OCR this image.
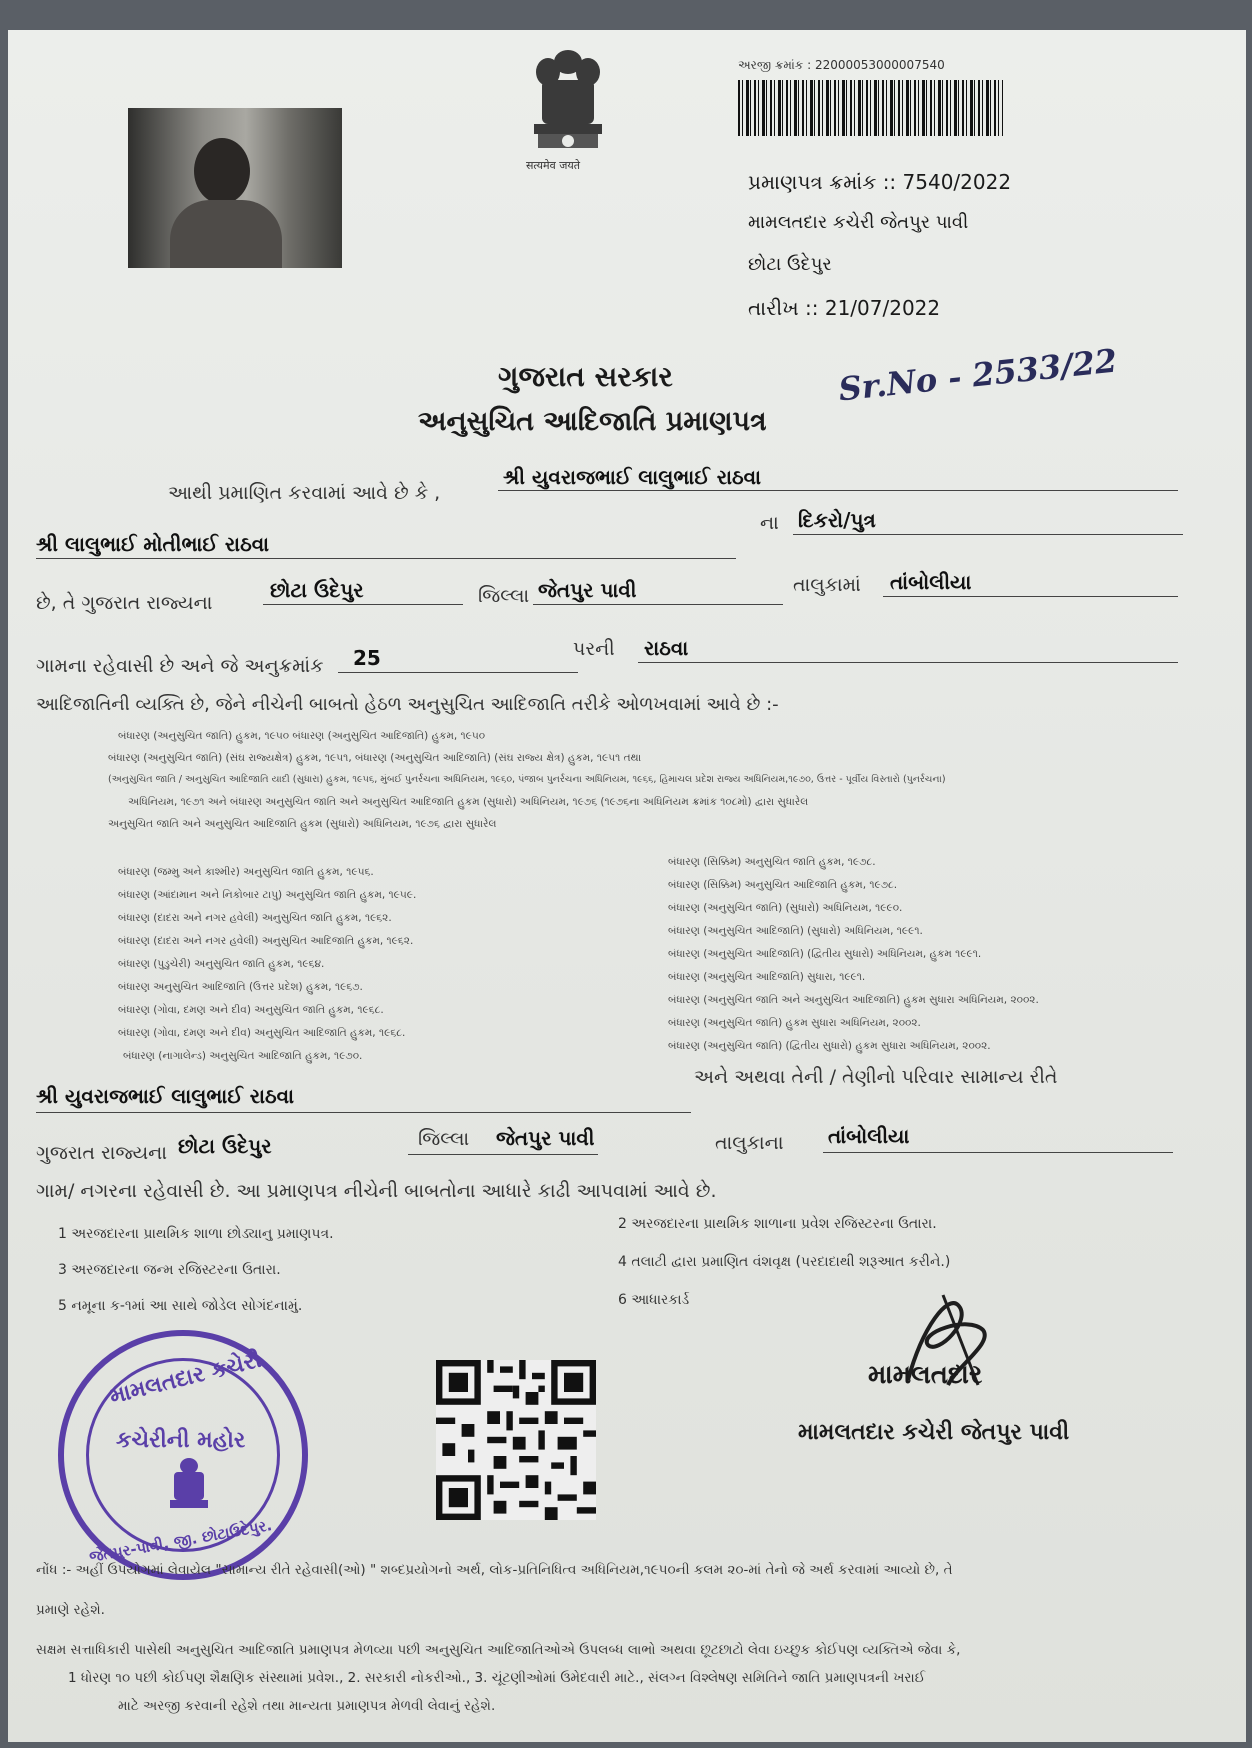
सत्यमेव जयते
અરજી ક્રમાંક : 22000053000007540
પ્રમાણપત્ર ક્રમાંક :: 7540/2022
મામલતદાર કચેરી જેતપુર પાવી
છોટા ઉદેપુર
તારીખ :: 21/07/2022
ગુજરાત સરકાર
અનુસુચિત આદિજાતિ પ્રમાણપત્ર
Sr.No - 2533/22
આથી પ્રમાણિત કરવામાં આવે છે કે ,
શ્રી યુવરાજભાઈ લાલુભાઈ રાઠવા
શ્રી લાલુભાઈ મોતીભાઈ રાઠવા
ના દિકરો/પુત્ર
છે, તે ગુજરાત રાજ્યના
છોટા ઉદેપુર	જિલ્લા જેતપુર પાવી	તાલુકામાં તાંબોલીયા
ગામના રહેવાસી છે અને જે અનુક્રમાંક 25	પરની રાઠવા
આદિજાતિની વ્યક્તિ છે, જેને નીચેની બાબતો હેઠળ અનુસુચિત આદિજાતિ તરીકે ઓળખવામાં આવે છે :-
બંધારણ (અનુસુચિત જાતિ) હુકમ, ૧૯૫૦ બંધારણ (અનુસુચિત આદિજાતિ) હુકમ, ૧૯૫૦
બંધારણ (અનુસુચિત જાતિ) (સંઘ રાજ્યક્ષેત્ર) હુકમ, ૧૯૫૧, બંધારણ (અનુસુચિત આદિજાતિ) (સંઘ રાજ્ય ક્ષેત્ર) હુકમ, ૧૯૫૧ તથા
(અનુસુચિત જાતિ / અનુસુચિત આદિજાતિ યાદી (સુધારા) હુકમ, ૧૯૫૬, મુંબઈ પુનર્રચના અધિનિયમ, ૧૯૬૦, પંજાબ પુનર્રચના અધિનિયમ, ૧૯૬૬, હિમાચલ પ્રદેશ રાજ્ય અધિનિયમ,૧૯૭૦, ઉત્તર - પૂર્વીય વિસ્તારો (પુનર્રચના)
અધિનિયમ, ૧૯૭૧ અને બંધારણ અનુસુચિત જાતિ અને અનુસુચિત આદિજાતિ હુકમ (સુધારો) અધિનિયમ, ૧૯૭૬ (૧૯૭૬ના અધિનિયમ ક્રમાંક ૧૦૮મો) દ્વારા સુધારેલ
અનુસુચિત જાતિ અને અનુસુચિત આદિજાતિ હુકમ (સુધારો) અધિનિયમ, ૧૯૭૬ દ્વારા સુધારેલ
બંધારણ (જમ્મુ અને કાશ્મીર) અનુસુચિત જાતિ હુકમ, ૧૯૫૬.
બંધારણ (આંદામાન અને નિકોબાર ટાપુ) અનુસુચિત જાતિ હુકમ, ૧૯૫૯.
બંધારણ (દાદરા અને નગર હવેલી) અનુસુચિત જાતિ હુકમ, ૧૯૬૨.
બંધારણ (દાદરા અને નગર હવેલી) અનુસુચિત આદિજાતિ હુકમ, ૧૯૬૨.
બંધારણ (પુડુચેરી) અનુસુચિત જાતિ હુકમ, ૧૯૬૪.
બંધારણ અનુસુચિત આદિજાતિ (ઉત્તર પ્રદેશ) હુકમ, ૧૯૬૭.
બંધારણ (ગોવા, દમણ અને દીવ) અનુસુચિત જાતિ હુકમ, ૧૯૬૮.
બંધારણ (ગોવા, દમણ અને દીવ) અનુસુચિત આદિજાતિ હુકમ, ૧૯૬૮.
બંધારણ (નાગાલેન્ડ) અનુસુચિત આદિજાતિ હુકમ, ૧૯૭૦.
બંધારણ (સિક્કિમ) અનુસુચિત જાતિ હુકમ, ૧૯૭૮.
બંધારણ (સિક્કિમ) અનુસુચિત આદિજાતિ હુકમ, ૧૯૭૮.
બંધારણ (અનુસુચિત જાતિ) (સુધારો) અધિનિયમ, ૧૯૯૦.
બંધારણ (અનુસુચિત આદિજાતિ) (સુધારો) અધિનિયમ, ૧૯૯૧.
બંધારણ (અનુસુચિત આદિજાતિ) (દ્વિતીય સુધારો) અધિનિયમ, હુકમ ૧૯૯૧.
બંધારણ (અનુસુચિત આદિજાતિ) સુધારા, ૧૯૯૧.
બંધારણ (અનુસુચિત જાતિ અને અનુસુચિત આદિજાતિ) હુકમ સુધારા અધિનિયમ, ૨૦૦૨.
બંધારણ (અનુસુચિત જાતિ) હુકમ સુધારા અધિનિયમ, ૨૦૦૨.
બંધારણ (અનુસુચિત જાતિ) (દ્વિતીય સુધારો) હુકમ સુધારા અધિનિયમ, ૨૦૦૨.
અને અથવા તેની / તેણીનો પરિવાર સામાન્ય રીતે
શ્રી યુવરાજભાઈ લાલુભાઈ રાઠવા
ગુજરાત રાજ્યના છોટા ઉદેપુર	જિલ્લા જેતપુર પાવી	તાલુકાના તાંબોલીયા
ગામ/ નગરના રહેવાસી છે. આ પ્રમાણપત્ર નીચેની બાબતોના આધારે કાઢી આપવામાં આવે છે.
1 અરજદારના પ્રાથમિક શાળા છોડ્યાનુ પ્રમાણપત્ર.
2 અરજદારના પ્રાથમિક શાળાના પ્રવેશ રજિસ્ટરના ઉતારા.
3 અરજદારના જન્મ રજિસ્ટરના ઉતારા.	4 તલાટી દ્વારા પ્રમાણિત વંશવૃક્ષ (પરદાદાથી શરૂઆત કરીને.)
5 નમૂના ક-૧માં આ સાથે જોડેલ સોગંદનામું.	6 આધારકાર્ડ
મામલતદાર કચેરી
કચેરીની મહોર
જેતપુર-પાવી, જી. છોટાઉદેપુર.
મામલતદાર
મામલતદાર કચેરી જેતપુર પાવી
નોંધ :- અહીં ઉપયોગમાં લેવાયેલ "સામાન્ય રીતે રહેવાસી(ઓ) " શબ્દપ્રયોગનો અર્થ, લોક-પ્રતિનિધિત્વ અધિનિયમ,૧૯૫૦ની કલમ ૨૦-માં તેનો જે અર્થ કરવામાં આવ્યો છે, તે
પ્રમાણે રહેશે.
સક્ષમ સત્તાધિકારી પાસેથી અનુસુચિત આદિજાતિ પ્રમાણપત્ર મેળવ્યા પછી અનુસુચિત આદિજાતિઓએ ઉપલબ્ધ લાભો અથવા છૂટછાટો લેવા ઇચ્છુક કોઈપણ વ્યક્તિએ જેવા કે,
1 ધોરણ ૧૦ પછી કોઈપણ શૈક્ષણિક સંસ્થામાં પ્રવેશ., 2. સરકારી નોકરીઓ., 3. ચૂંટણીઓમાં ઉમેદવારી માટે., સંલગ્ન વિશ્લેષણ સમિતિને જાતિ પ્રમાણપત્રની ખરાઈ
માટે અરજી કરવાની રહેશે તથા માન્યતા પ્રમાણપત્ર મેળવી લેવાનું રહેશે.
